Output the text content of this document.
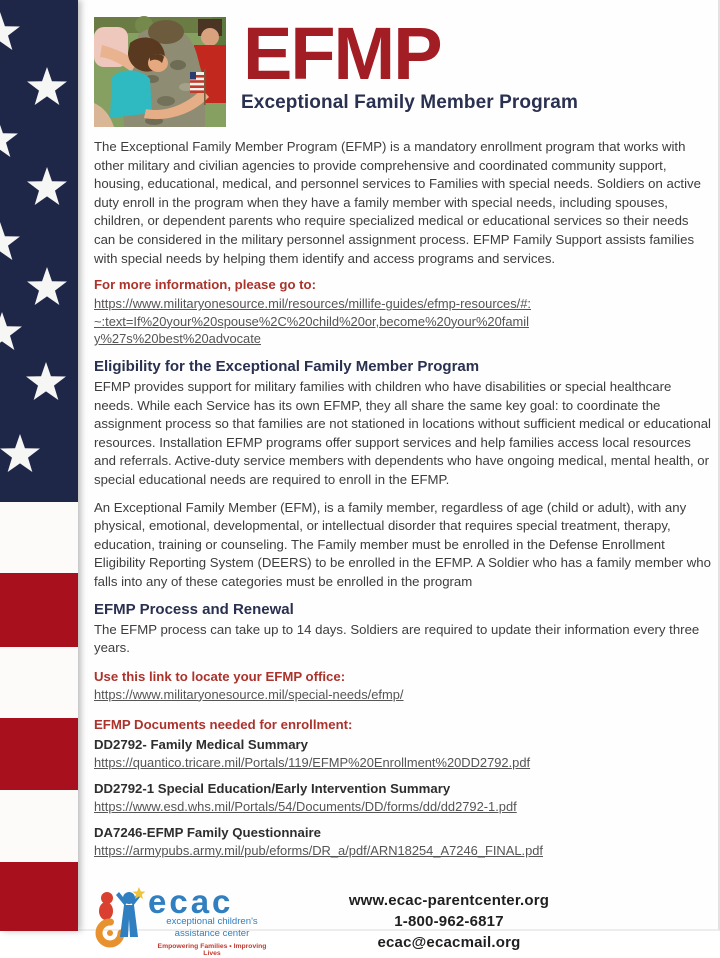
EFMP
Exceptional Family Member Program
The Exceptional Family Member Program (EFMP) is a mandatory enrollment program that works with other military and civilian agencies to provide comprehensive and coordinated community support, housing, educational, medical, and personnel services to Families with special needs. Soldiers on active duty enroll in the program when they have a family member with special needs, including spouses, children, or dependent parents who require specialized medical or educational services so their needs can be considered in the military personnel assignment process. EFMP Family Support assists families with special needs by helping them identify and access programs and services.
For more information, please go to:
https://www.militaryonesource.mil/resources/millife-guides/efmp-resources/#:~:text=If%20your%20spouse%2C%20child%20or,become%20your%20family%27s%20best%20advocate
Eligibility for the Exceptional Family Member Program
EFMP provides support for military families with children who have disabilities or special healthcare needs. While each Service has its own EFMP, they all share the same key goal: to coordinate the assignment process so that families are not stationed in locations without sufficient medical or educational resources. Installation EFMP programs offer support services and help families access local resources and referrals. Active-duty service members with dependents who have ongoing medical, mental health, or special educational needs are required to enroll in the EFMP.
An Exceptional Family Member (EFM), is a family member, regardless of age (child or adult), with any physical, emotional, developmental, or intellectual disorder that requires special treatment, therapy, education, training or counseling. The Family member must be enrolled in the Defense Enrollment Eligibility Reporting System (DEERS) to be enrolled in the EFMP. A Soldier who has a family member who falls into any of these categories must be enrolled in the program
EFMP Process and Renewal
The EFMP process can take up to 14 days. Soldiers are required to update their information every three years.
Use this link to locate your EFMP office:
https://www.militaryonesource.mil/special-needs/efmp/
EFMP Documents needed for enrollment:
DD2792- Family Medical Summary
https://quantico.tricare.mil/Portals/119/EFMP%20Enrollment%20DD2792.pdf
DD2792-1 Special Education/Early Intervention Summary
https://www.esd.whs.mil/Portals/54/Documents/DD/forms/dd/dd2792-1.pdf
DA7246-EFMP Family Questionnaire
https://armypubs.army.mil/pub/eforms/DR_a/pdf/ARN18254_A7246_FINAL.pdf
ecac
exceptional children's
assistance center
Empowering Families • Improving Lives
www.ecac-parentcenter.org
1-800-962-6817
ecac@ecacmail.org
